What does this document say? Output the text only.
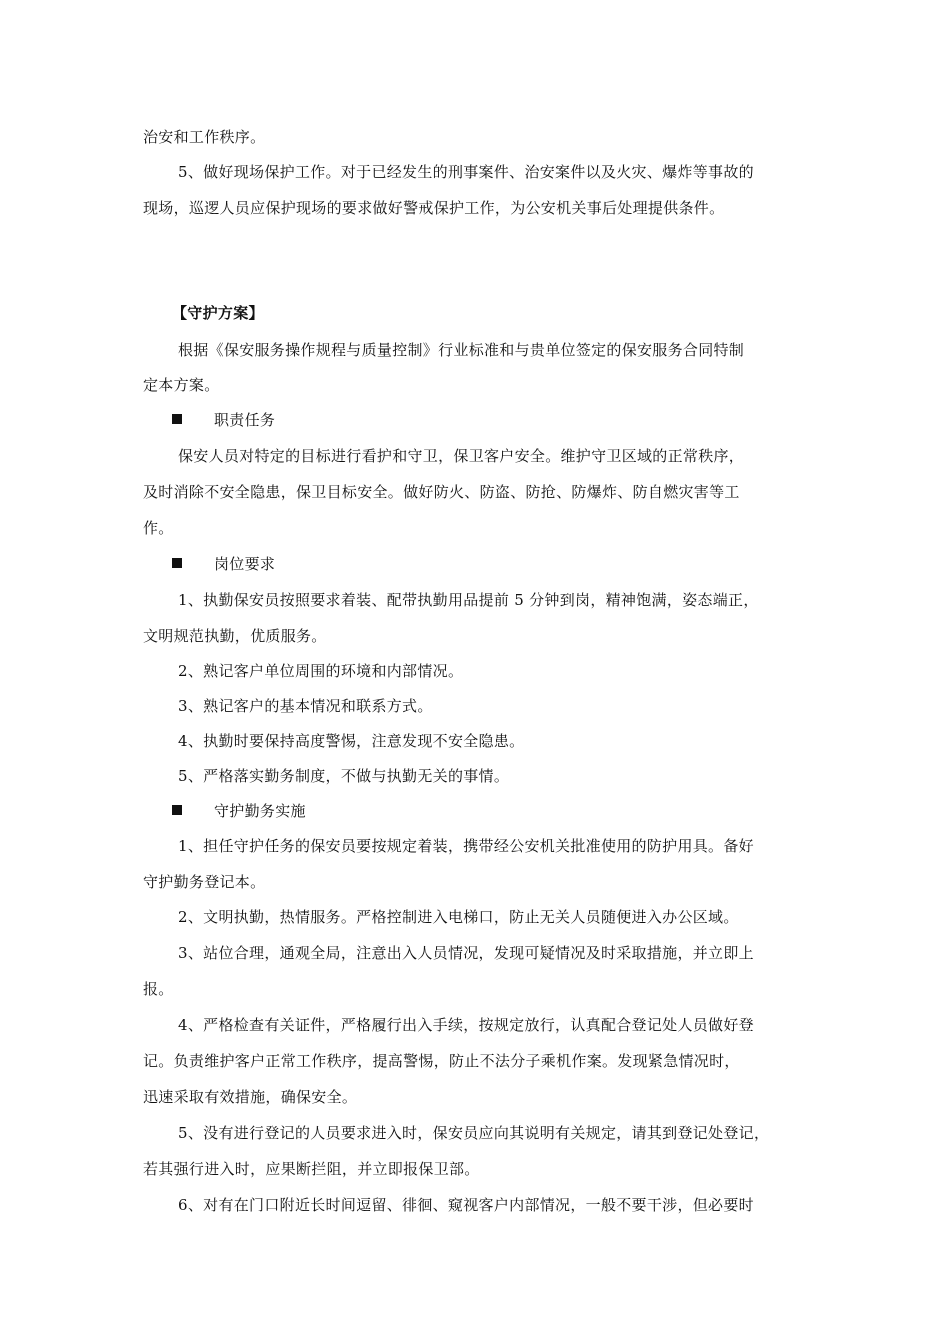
治安和工作秩序。
5、做好现场保护工作。对于已经发生的刑事案件、治安案件以及火灾、爆炸等事故的
现场，巡逻人员应保护现场的要求做好警戒保护工作，为公安机关事后处理提供条件。
【守护方案】
根据《保安服务操作规程与质量控制》行业标准和与贵单位签定的保安服务合同特制
定本方案。
职责任务
保安人员对特定的目标进行看护和守卫，保卫客户安全。维护守卫区域的正常秩序，
及时消除不安全隐患，保卫目标安全。做好防火、防盗、防抢、防爆炸、防自燃灾害等工
作。
岗位要求
1、执勤保安员按照要求着装、配带执勤用品提前 5 分钟到岗，精神饱满，姿态端正，
文明规范执勤，优质服务。
2、熟记客户单位周围的环境和内部情况。
3、熟记客户的基本情况和联系方式。
4、执勤时要保持高度警惕，注意发现不安全隐患。
5、严格落实勤务制度，不做与执勤无关的事情。
守护勤务实施
1、担任守护任务的保安员要按规定着装，携带经公安机关批准使用的防护用具。备好
守护勤务登记本。
2、文明执勤，热情服务。严格控制进入电梯口，防止无关人员随便进入办公区域。
3、站位合理，通观全局，注意出入人员情况，发现可疑情况及时采取措施，并立即上
报。
4、严格检查有关证件，严格履行出入手续，按规定放行，认真配合登记处人员做好登
记。负责维护客户正常工作秩序，提高警惕，防止不法分子乘机作案。发现紧急情况时，
迅速采取有效措施，确保安全。
5、没有进行登记的人员要求进入时，保安员应向其说明有关规定，请其到登记处登记，
若其强行进入时，应果断拦阻，并立即报保卫部。
6、对有在门口附近长时间逗留、徘徊、窥视客户内部情况，一般不要干涉，但必要时
